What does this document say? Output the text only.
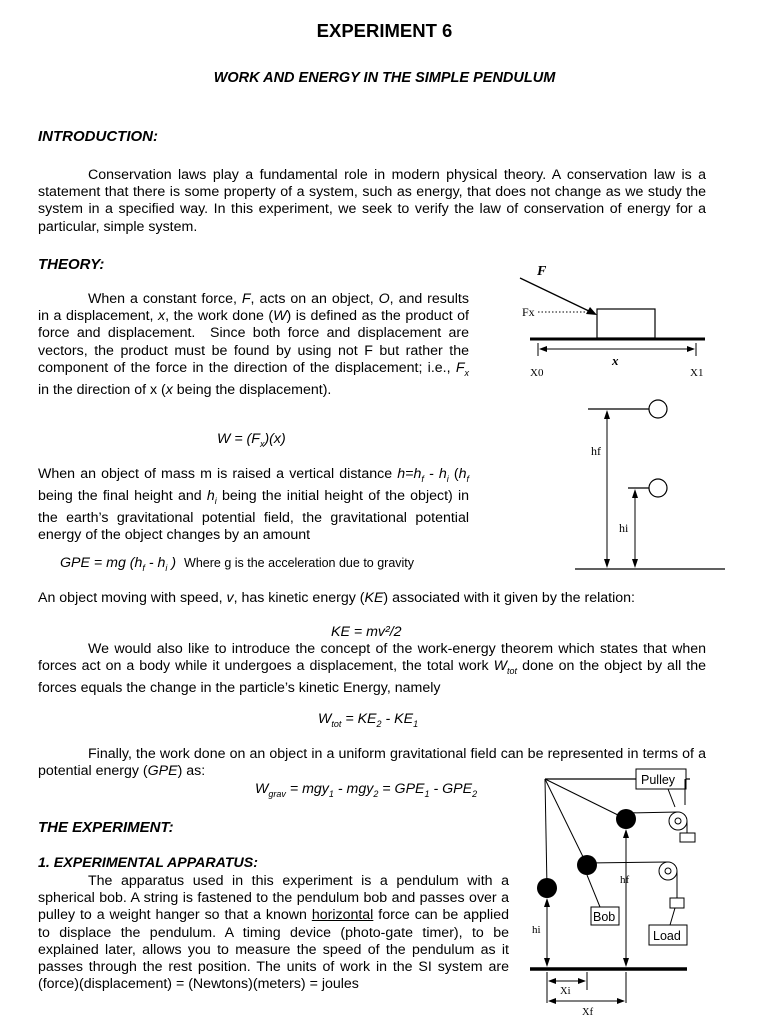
EXPERIMENT 6
WORK AND ENERGY IN THE SIMPLE PENDULUM
INTRODUCTION:
Conservation laws play a fundamental role in modern physical theory. A conservation law is a statement that there is some property of a system, such as energy, that does not change as we study the system in a specified way. In this experiment, we seek to verify the law of conservation of energy for a particular, simple system.
THEORY:
When a constant force, F, acts on an object, O, and results in a displacement, x, the work done (W) is defined as the product of force and displacement.  Since both force and displacement are vectors, the product must be found by using not F but rather the component of the force in the direction of the displacement; i.e., $F_x$ in the direction of x (x being the displacement).
$W = (F_x)(x)$
When an object of mass m is raised a vertical distance $h=h_f - h_i$ ($h_f$ being the final height and $h_i$ being the initial height of the object) in the earth’s gravitational potential field, the gravitational potential energy of the object changes by an amount
GPE = mg ($h_f - h_i$ ) Where g is the acceleration due to gravity
An object moving with speed, v, has kinetic energy (KE) associated with it given by the relation:
KE = mv²/2
We would also like to introduce the concept of the work-energy theorem which states that when forces act on a body while it undergoes a displacement, the total work $W_{tot}$ done on the object by all the forces equals the change in the particle’s kinetic Energy, namely
$W_{tot} = KE_2 - KE_1$
Finally, the work done on an object in a uniform gravitational field can be represented in terms of a potential energy (GPE) as:
$W_{grav} = mgy_1 - mgy_2 = GPE_1 - GPE_2$
THE EXPERIMENT:
1. EXPERIMENTAL APPARATUS:
The apparatus used in this experiment is a pendulum with a spherical bob. A string is fastened to the pendulum bob and passes over a pulley to a weight hanger so that a known horizontal force can be applied to displace the pendulum. A timing device (photo-gate timer), to be explained later, allows you to measure the speed of the pendulum as it passes through the rest position. The units of work in the SI system are (force)(displacement) = (Newtons)(meters) = joules
F
Fx
x
X0	X1
hf
hi
Pulley
Bob
Load
hf
hi
Xi
Xf
